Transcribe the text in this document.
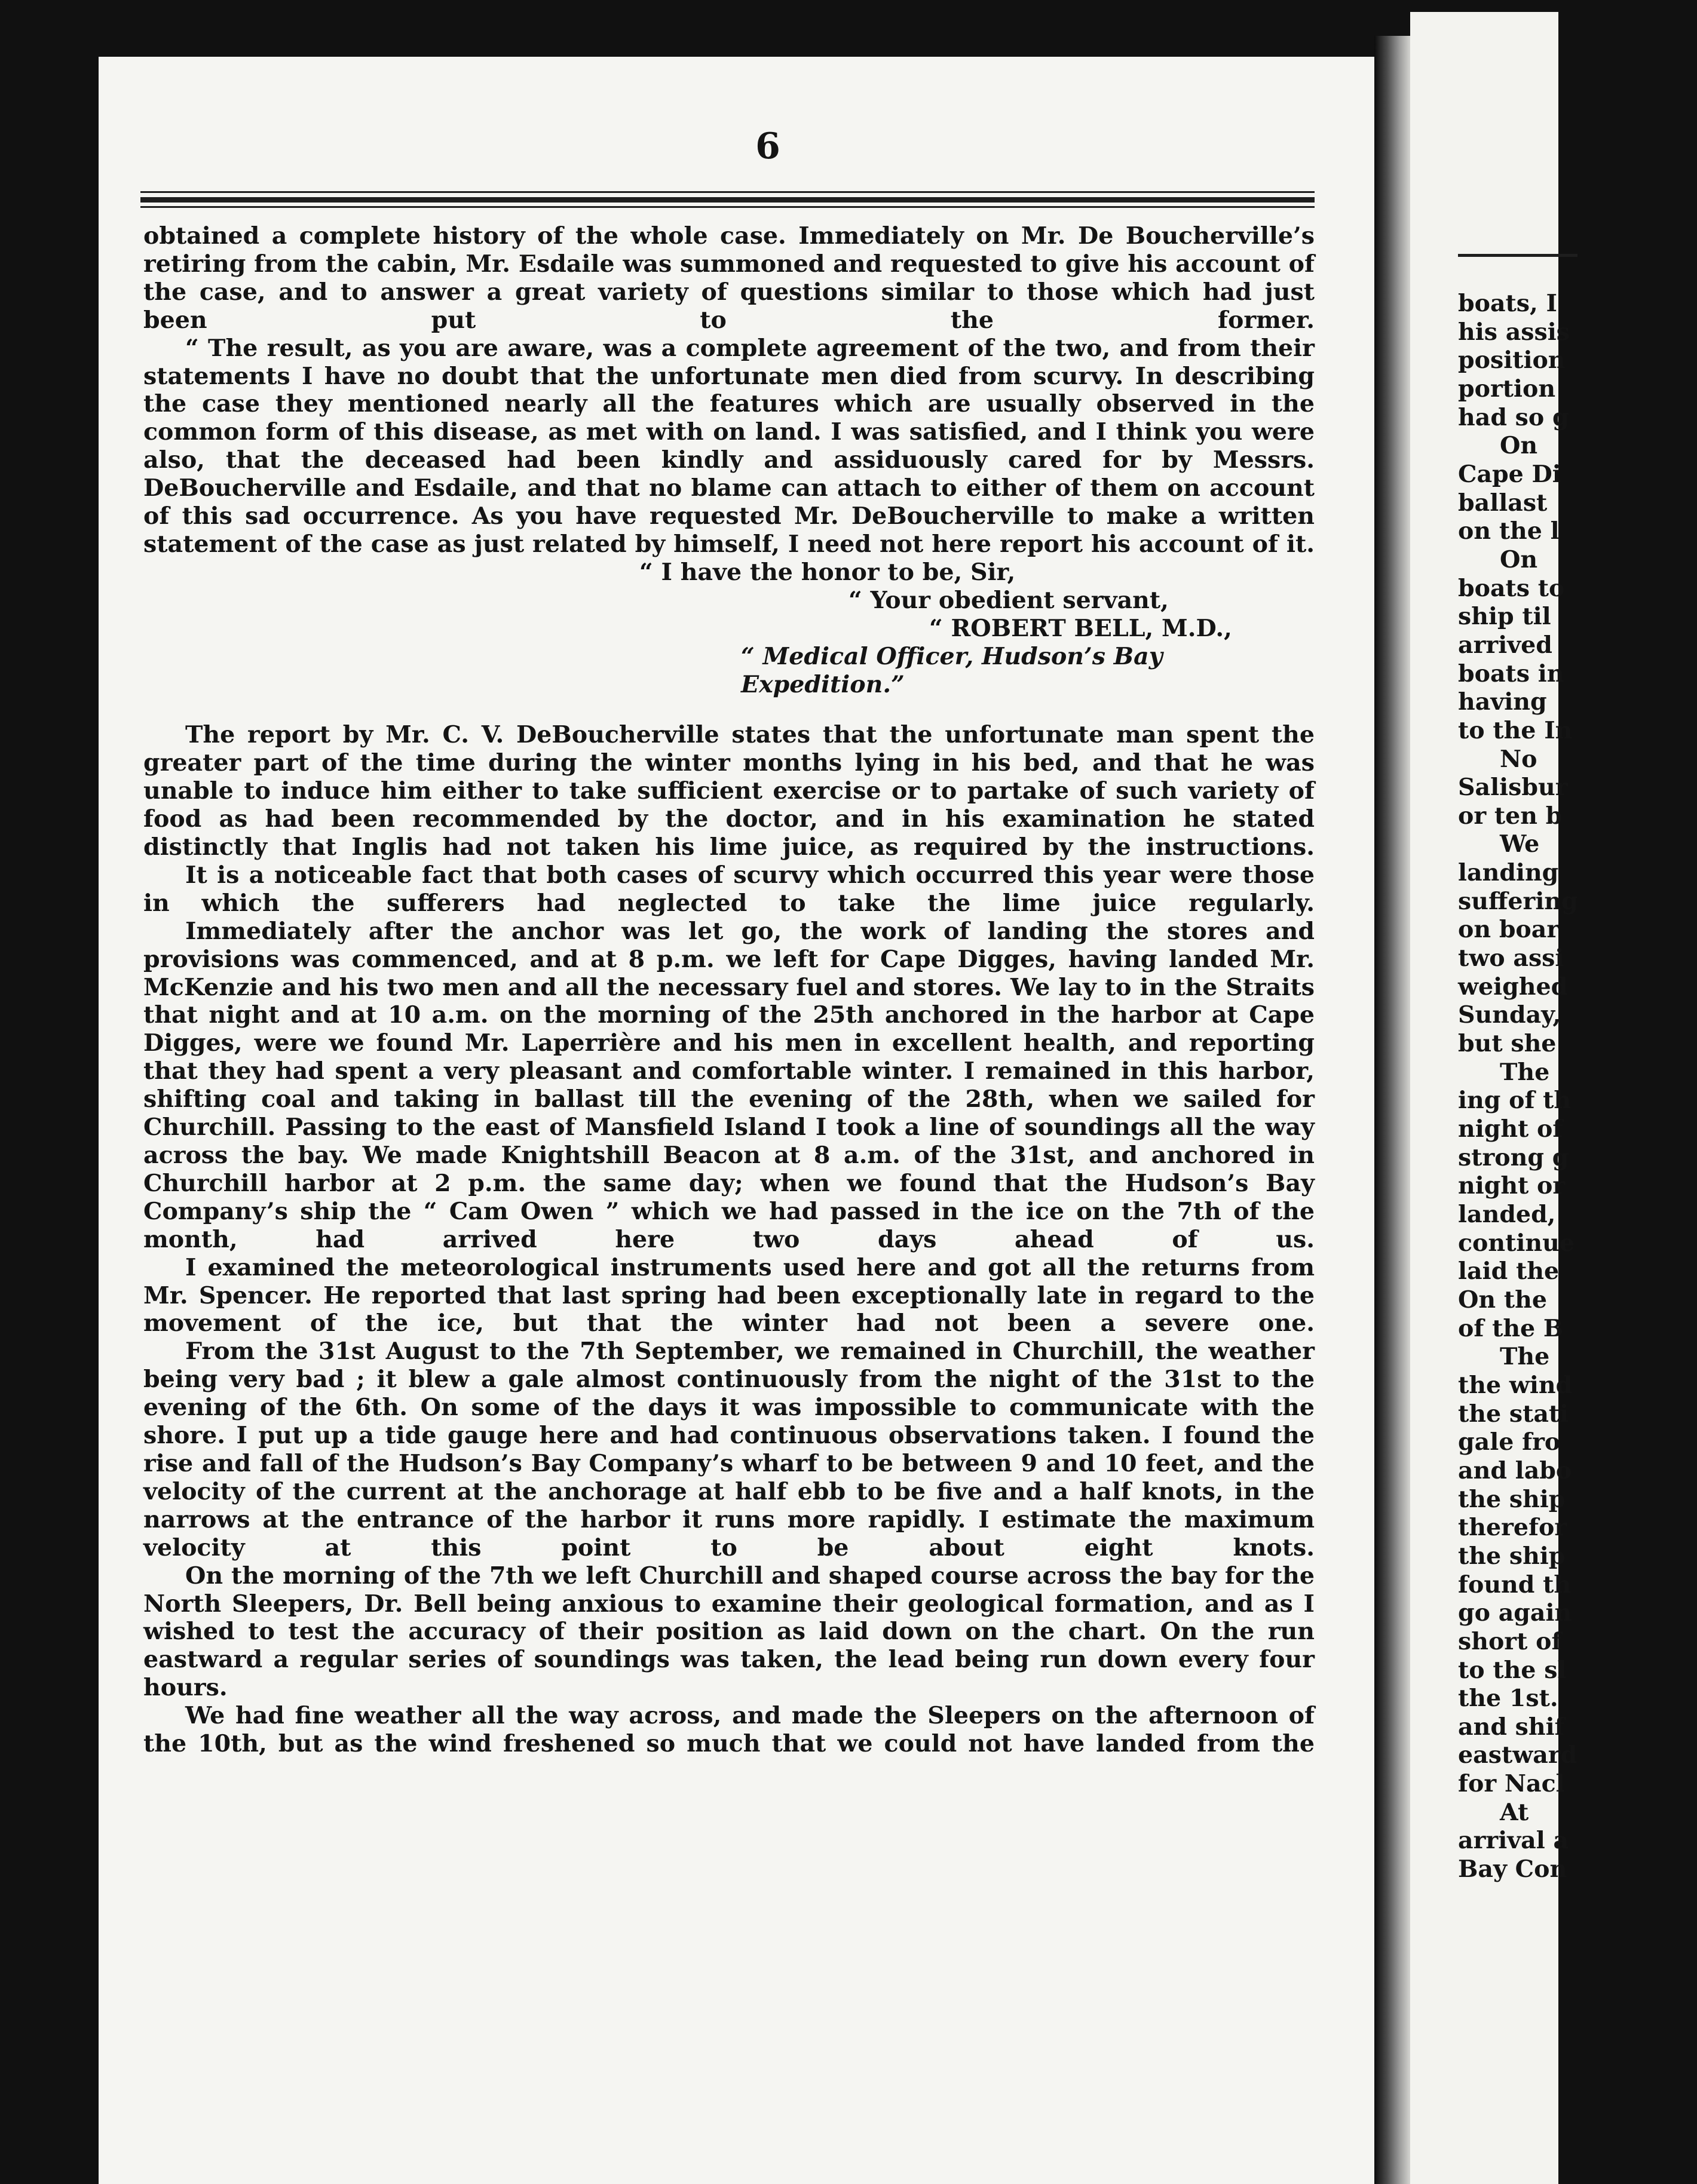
boats, I
his assis
position
portion
had so g
On
Cape Di
ballast
on the l
On
boats to
ship til
arrived
boats in
having
to the In
No
Salisbur
or ten b
We
landing
suffering
on boar
two assi
weighed
Sunday,
but she
The
ing of th
night of
strong g
night or
landed,
continue
laid the
On the
of the B
The
the wind
the stati
gale fro
and labo
the ship
therefor
the ship
found th
go again
short of
to the sl
the 1st.
and shif
eastward
for Nacl
At
arrival a
Bay Con
6

obtained a complete history of the whole case. Immediately on Mr. De Boucherville’s retiring from the cabin, Mr. Esdaile was summoned and requested to give his account of the case, and to answer a great variety of questions similar to those which had just been put to the former.

“ The result, as you are aware, was a complete agreement of the two, and from their statements I have no doubt that the unfortunate men died from scurvy. In describing the case they mentioned nearly all the features which are usually observed in the common form of this disease, as met with on land. I was satisfied, and I think you were also, that the deceased had been kindly and assiduously cared for by Messrs. DeBoucherville and Esdaile, and that no blame can attach to either of them on account of this sad occurrence. As you have requested Mr. DeBoucherville to make a written statement of the case as just related by himself, I need not here report his account of it.

“ I have the honor to be, Sir,

“ Your obedient servant,

“ ROBERT BELL, M.D.,

“ Medical Officer, Hudson’s Bay Expedition.”

The report by Mr. C. V. DeBoucherville states that the unfortunate man spent the greater part of the time during the winter months lying in his bed, and that he was unable to induce him either to take sufficient exercise or to partake of such variety of food as had been recommended by the doctor, and in his examination he stated distinctly that Inglis had not taken his lime juice, as required by the instructions.

It is a noticeable fact that both cases of scurvy which occurred this year were those in which the sufferers had neglected to take the lime juice regularly.

Immediately after the anchor was let go, the work of landing the stores and provisions was commenced, and at 8 p.m. we left for Cape Digges, having landed Mr. McKenzie and his two men and all the necessary fuel and stores. We lay to in the Straits that night and at 10 a.m. on the morning of the 25th anchored in the harbor at Cape Digges, were we found Mr. Laperrière and his men in excellent health, and reporting that they had spent a very pleasant and comfortable winter. I remained in this harbor, shifting coal and taking in ballast till the evening of the 28th, when we sailed for Churchill. Passing to the east of Mansfield Island I took a line of soundings all the way across the bay. We made Knightshill Beacon at 8 a.m. of the 31st, and anchored in Churchill harbor at 2 p.m. the same day; when we found that the Hudson’s Bay Company’s ship the “ Cam Owen ” which we had passed in the ice on the 7th of the month, had arrived here two days ahead of us.

I examined the meteorological instruments used here and got all the returns from Mr. Spencer. He reported that last spring had been exceptionally late in regard to the movement of the ice, but that the winter had not been a severe one.

From the 31st August to the 7th September, we remained in Churchill, the weather being very bad ; it blew a gale almost continuously from the night of the 31st to the evening of the 6th. On some of the days it was impossible to communicate with the shore. I put up a tide gauge here and had continuous observations taken. I found the rise and fall of the Hudson’s Bay Company’s wharf to be between 9 and 10 feet, and the velocity of the current at the anchorage at half ebb to be five and a half knots, in the narrows at the entrance of the harbor it runs more rapidly. I estimate the maximum velocity at this point to be about eight knots.

On the morning of the 7th we left Churchill and shaped course across the bay for the North Sleepers, Dr. Bell being anxious to examine their geological formation, and as I wished to test the accuracy of their position as laid down on the chart. On the run eastward a regular series of soundings was taken, the lead being run down every four hours.

We had fine weather all the way across, and made the Sleepers on the afternoon of the 10th, but as the wind freshened so much that we could not have landed from the
